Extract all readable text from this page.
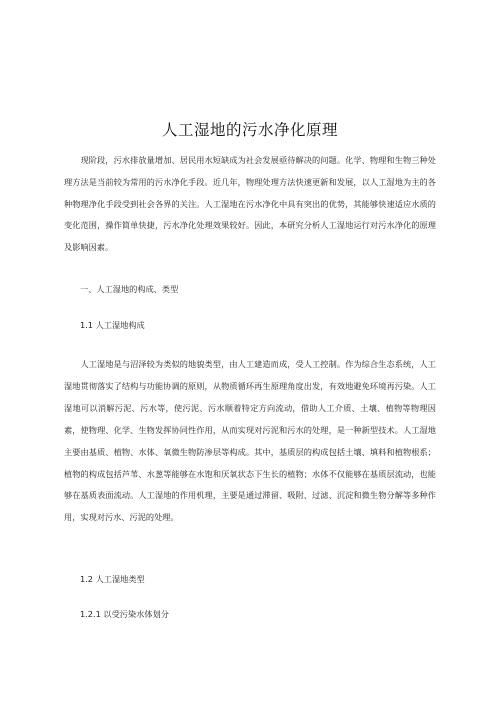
人工湿地的污水净化原理

现阶段，污水排放量增加、居民用水短缺成为社会发展亟待解决的问题。化学、物理和生物三种处理方法是当前较为常用的污水净化手段。近几年，物理处理方法快速更新和发展，以人工湿地为主的各种物理净化手段受到社会各界的关注。人工湿地在污水净化中具有突出的优势，其能够快速适应水质的变化范围，操作简单快捷，污水净化处理效果较好。因此，本研究分析人工湿地运行对污水净化的原理及影响因素。

一、人工湿地的构成、类型
1.1 人工湿地构成

人工湿地是与沼泽较为类似的地貌类型，由人工建造而成，受人工控制。作为综合生态系统，人工湿地贯彻落实了结构与功能协调的原则，从物质循环再生原理角度出发，有效地避免环境再污染。人工湿地可以消解污泥、污水等，使污泥、污水顺着特定方向流动，借助人工介质、土壤、植物等物理因素，使物理、化学、生物发挥协同性作用，从而实现对污泥和污水的处理，是一种新型技术。人工湿地主要由基质、植物、水体、氧微生物防渗层等构成。其中，基质层的构成包括土壤、填料和植物根系；植物的构成包括芦苇、水葱等能够在水饱和厌氧状态下生长的植物；水体不仅能够在基质层流动，也能够在基质表面流动。人工湿地的作用机理，主要是通过滞留、吸附、过滤、沉淀和微生物分解等多种作用，实现对污水、污泥的处理。

1.2 人工湿地类型
1.2.1 以受污染水体划分
